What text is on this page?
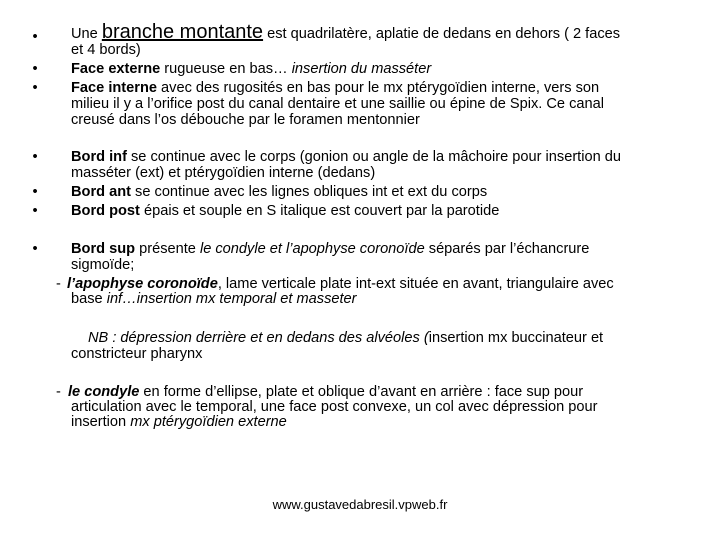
• Une branche montante est quadrilatère, aplatie de dedans en dehors ( 2 faces
et 4 bords)
• Face externe rugueuse en bas… insertion du masséter
• Face interne avec des rugosités en bas pour le mx ptérygoïdien interne, vers son
milieu il y a l’orifice post du canal dentaire et une saillie ou épine de Spix. Ce canal
creusé dans l’os débouche par le foramen mentonnier
• Bord inf se continue avec le corps (gonion ou angle de la mâchoire pour insertion du
masséter (ext) et ptérygoïdien interne (dedans)
• Bord ant se continue avec les lignes obliques int et ext du corps
• Bord post épais et souple en S italique est couvert par la parotide
• Bord sup présente le condyle et l’apophyse coronoïde séparés par l’échancrure
sigmoïde;
- l’apophyse coronoïde, lame verticale plate int-ext située en avant, triangulaire avec
base inf…insertion mx temporal et masseter
NB : dépression derrière et en dedans des alvéoles (insertion mx buccinateur et
constricteur pharynx
- le condyle en forme d’ellipse, plate et oblique d’avant en arrière : face sup pour
articulation avec le temporal, une face post convexe, un col avec dépression pour
insertion mx ptérygoïdien externe
www.gustavedabresil.vpweb.fr
